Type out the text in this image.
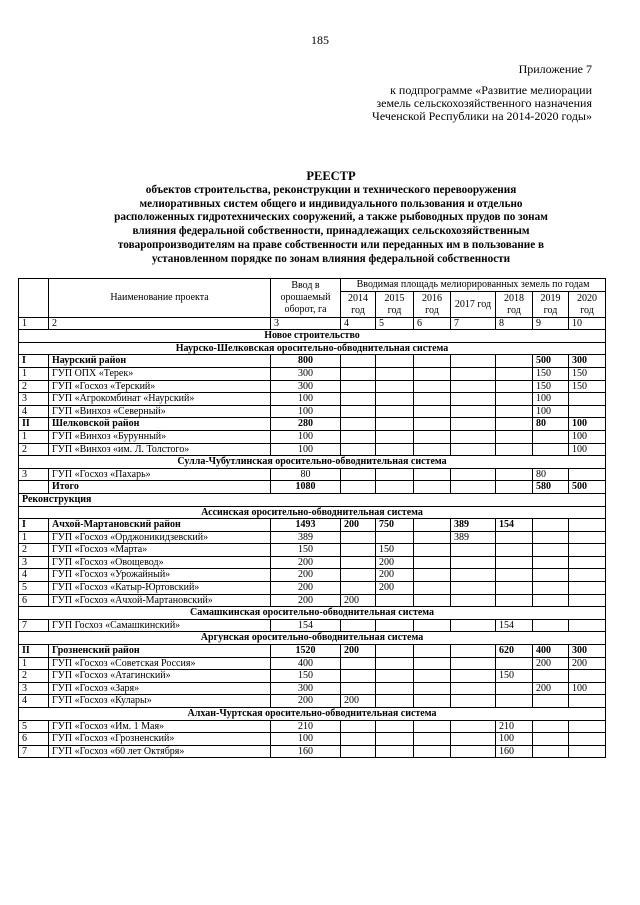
185
Приложение 7
к подпрограмме «Развитие мелиорации
земель сельскохозяйственного назначения
Чеченской Республики на 2014-2020 годы»
РЕЕСТР
объектов строительства, реконструкции и технического перевооружения
мелиоративных систем общего и индивидуального пользования и отдельно
расположенных гидротехнических сооружений, а также рыбоводных прудов по зонам
влияния федеральной собственности, принадлежащих сельскохозяйственным
товаропроизводителям на праве собственности или переданных им в пользование в
установленном порядке по зонам влияния федеральной собственности
	Наименование проекта	Ввод в орошаемый оборот, га	Вводимая площадь мелиорированных земель по годам						
			2014 год	2015 год	2016 год	2017 год	2018 год	2019 год	2020 год
1	2	3	4	5	6	7	8	9	10
Новое строительство									
Наурско-Шелковская оросительно-обводнительная система									
I	Наурский район	800						500	300
1	ГУП ОПХ «Терек»	300						150	150
2	ГУП «Госхоз «Терский»	300						150	150
3	ГУП «Агрокомбинат «Наурский»	100						100	
4	ГУП «Винхоз «Северный»	100						100	
II	Шелковской район	280						80	100
1	ГУП «Винхоз «Бурунный»	100							100
2	ГУП «Винхоз «им. Л. Толстого»	100							100
Сулла-Чубутлинская оросительно-обводнительная система									
3	ГУП «Госхоз «Пахарь»	80						80	
	Итого	1080						580	500
Реконструкция									
Ассинская оросительно-обводнительная система									
I	Ачхой-Мартановский район	1493	200	750		389	154		
1	ГУП «Госхоз «Орджоникидзевский»	389				389			
2	ГУП «Госхоз «Марта»	150		150					
3	ГУП «Госхоз «Овощевод»	200		200					
4	ГУП «Госхоз «Урожайный»	200		200					
5	ГУП «Госхоз «Катыр-Юртовский»	200		200					
6	ГУП «Госхоз «Ачхой-Мартановский»	200	200						
Самашкинская оросительно-обводнительная система									
7	ГУП Госхоз «Самашкинский»	154					154		
Аргунская оросительно-обводнительная система									
II	Грозненский район	1520	200				620	400	300
1	ГУП «Госхоз «Советская Россия»	400						200	200
2	ГУП «Госхоз «Атагинский»	150					150		
3	ГУП «Госхоз «Заря»	300						200	100
4	ГУП «Госхоз «Кулары»	200	200						
Алхан-Чуртская оросительно-обводнительная система									
5	ГУП «Госхоз «Им. 1 Мая»	210					210		
6	ГУП «Госхоз «Грозненский»	100					100		
7	ГУП «Госхоз «60 лет Октября»	160					160		
